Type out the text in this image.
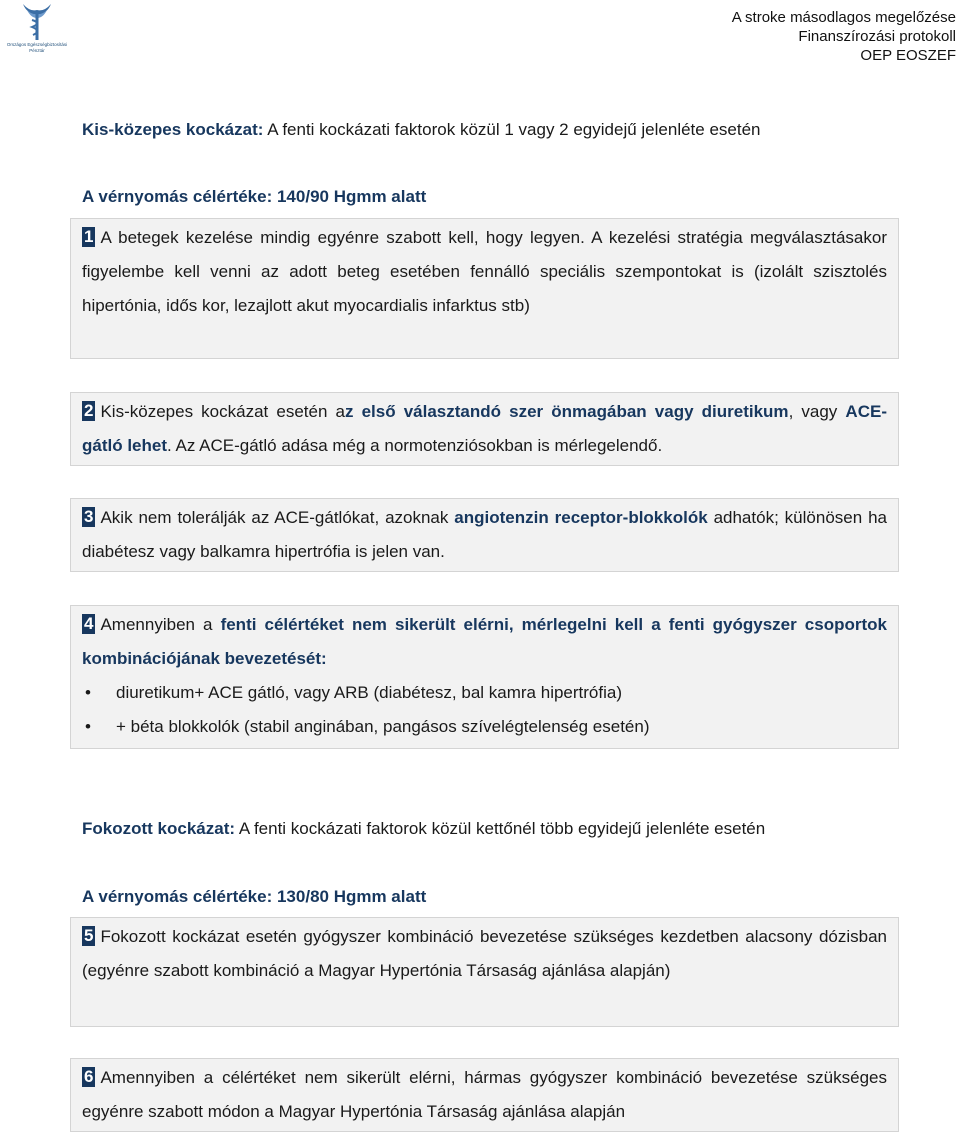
Országos Egészségbiztosítási
Pénztár
A stroke másodlagos megelőzése
Finanszírozási protokoll
OEP EOSZEF
Kis-közepes kockázat: A fenti kockázati faktorok közül 1 vagy 2 egyidejű jelenléte esetén
A vérnyomás célértéke: 140/90 Hgmm alatt
1 A betegek kezelése mindig egyénre szabott kell, hogy legyen. A kezelési stratégia megválasztásakor figyelembe kell venni az adott beteg esetében fennálló speciális szempontokat is (izolált szisztolés hipertónia, idős kor, lezajlott akut myocardialis infarktus stb)
2 Kis-közepes kockázat esetén az első választandó szer önmagában vagy diuretikum, vagy ACE-gátló lehet. Az ACE-gátló adása még a normotenziósokban is mérlegelendő.
3 Akik nem tolerálják az ACE-gátlókat, azoknak angiotenzin receptor-blokkolók adhatók; különösen ha diabétesz vagy balkamra hipertrófia is jelen van.
4 Amennyiben a fenti célértéket nem sikerült elérni, mérlegelni kell a fenti gyógyszer csoportok kombinációjának bevezetését:
• diuretikum+ ACE gátló, vagy ARB (diabétesz, bal kamra hipertrófia)
• + béta blokkolók (stabil anginában, pangásos szívelégtelenség esetén)
Fokozott kockázat: A fenti kockázati faktorok közül kettőnél több egyidejű jelenléte esetén
A vérnyomás célértéke: 130/80 Hgmm alatt
5 Fokozott kockázat esetén gyógyszer kombináció bevezetése szükséges kezdetben alacsony dózisban (egyénre szabott kombináció a Magyar Hypertónia Társaság ajánlása alapján)
6 Amennyiben a célértéket nem sikerült elérni, hármas gyógyszer kombináció bevezetése szükséges egyénre szabott módon a Magyar Hypertónia Társaság ajánlása alapján
